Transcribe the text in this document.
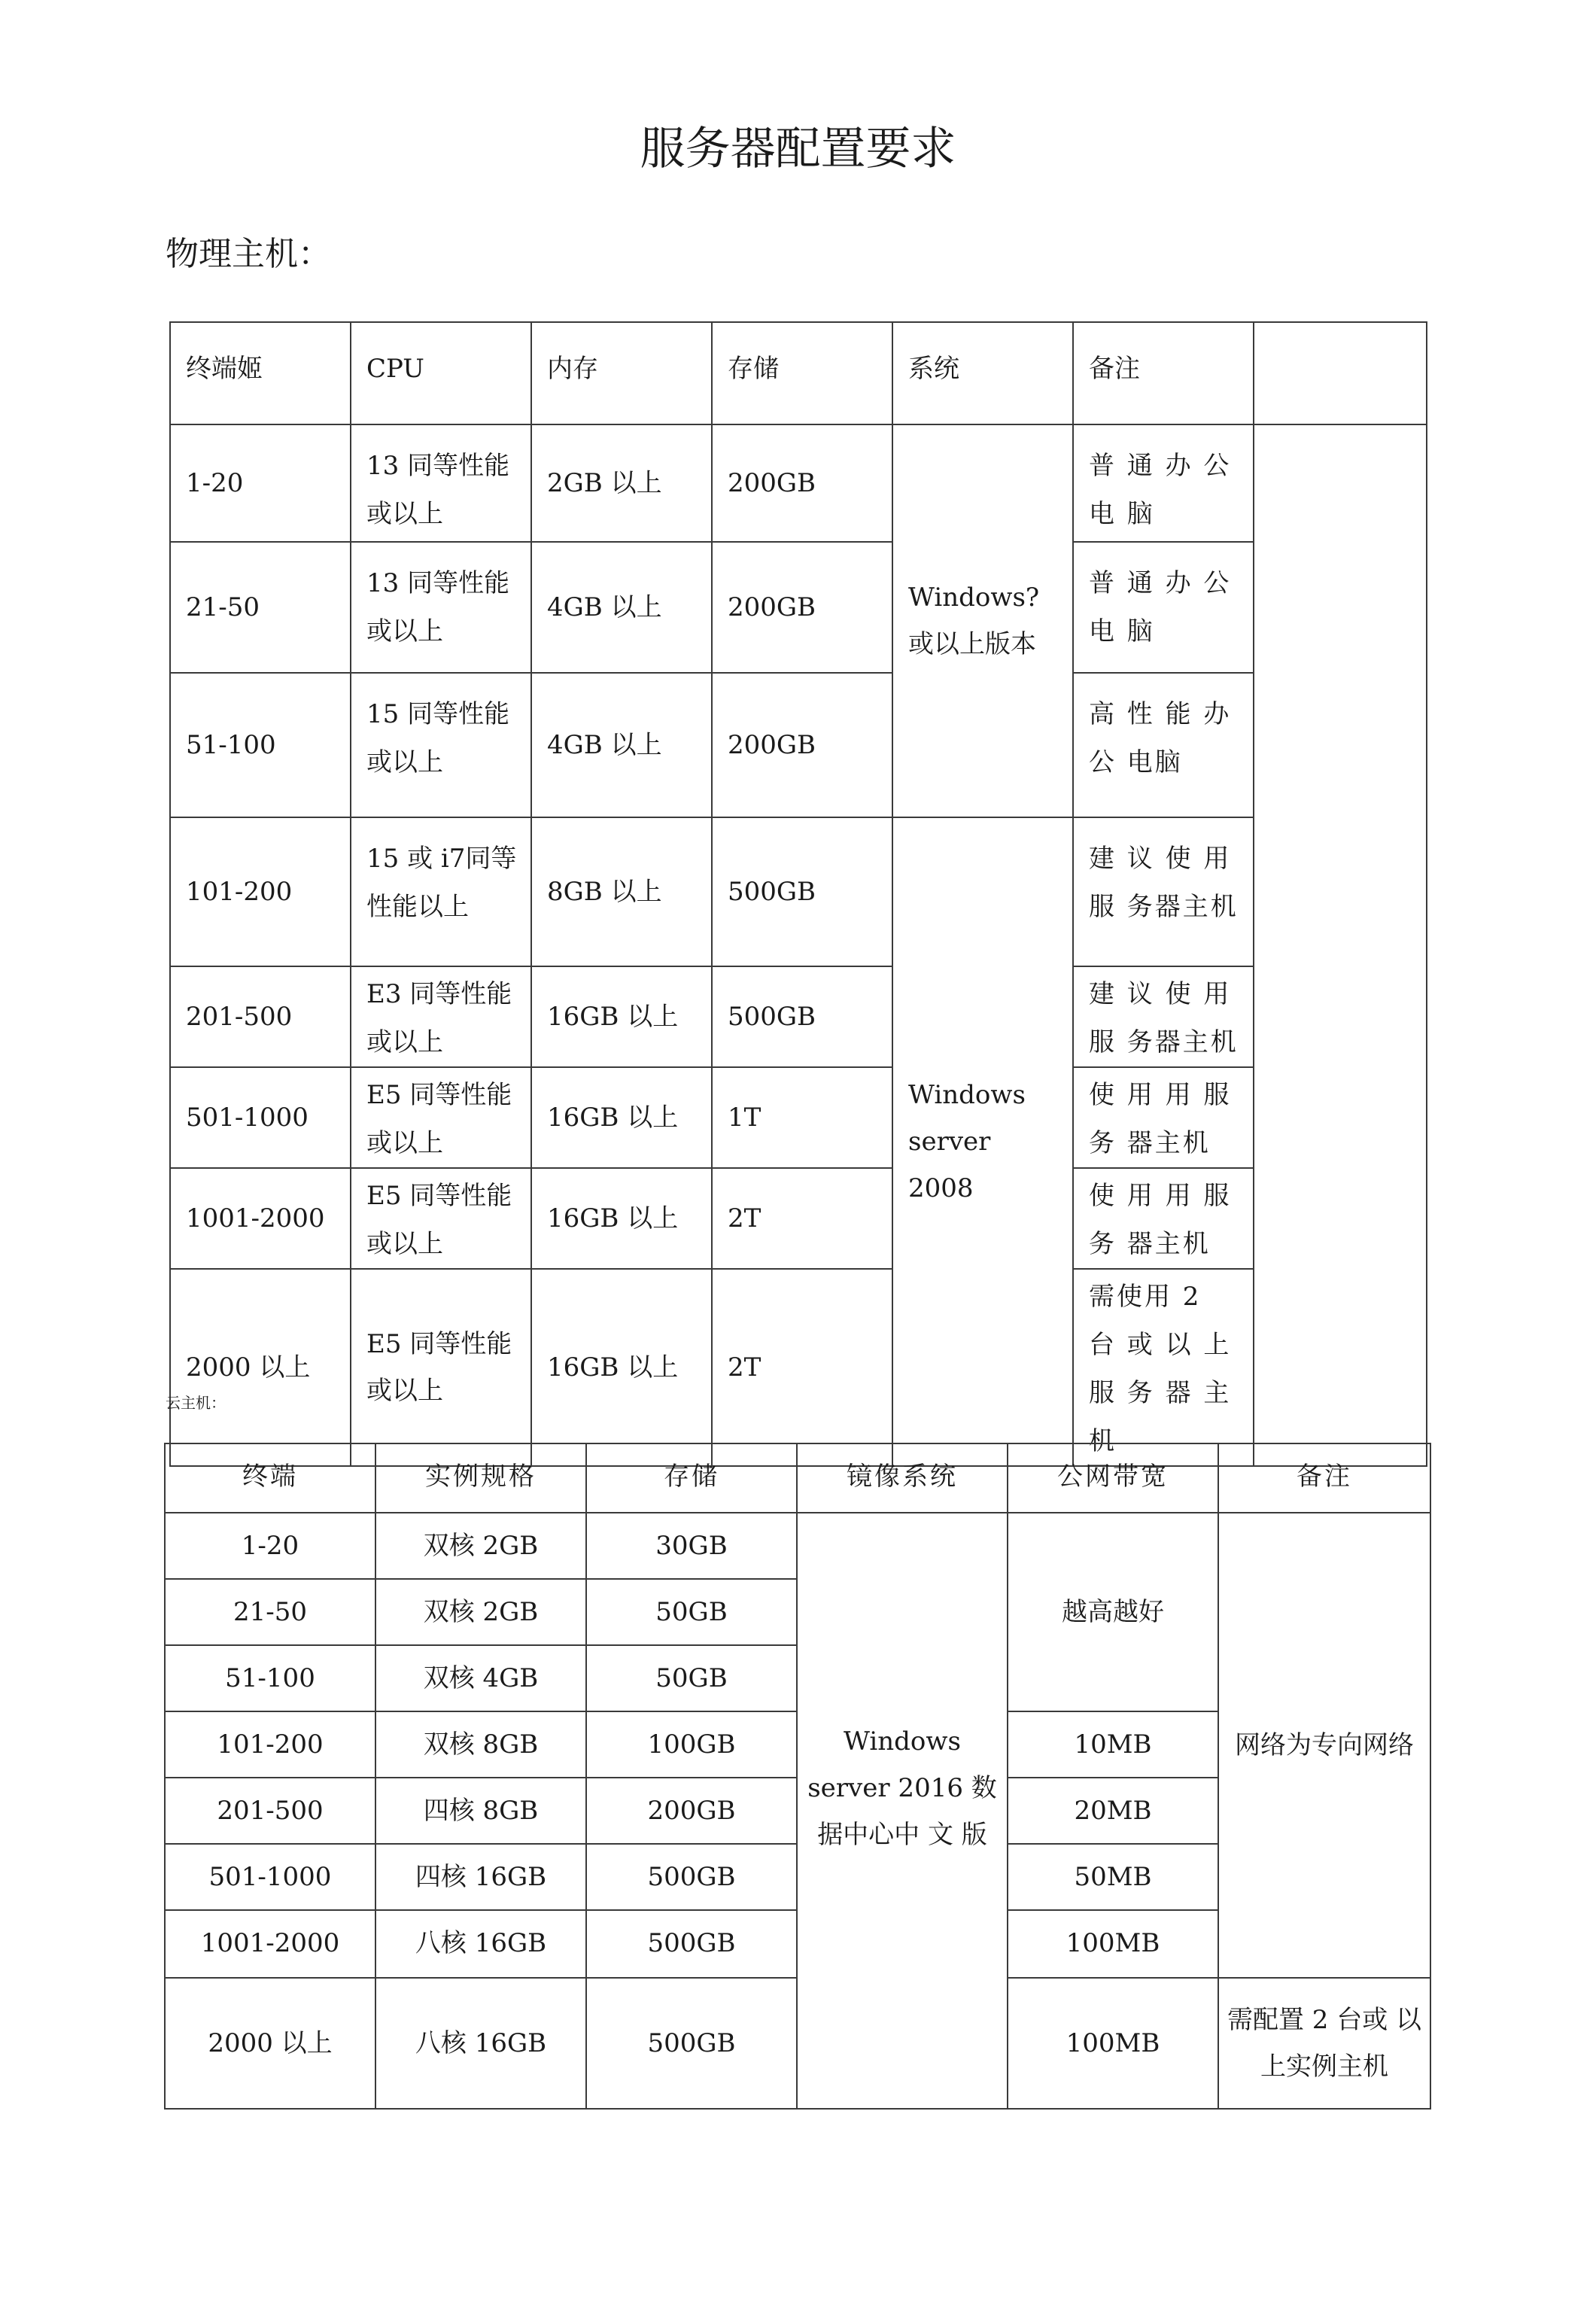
服务器配置要求
物理主机：
终端姬	CPU	内存	存储	系统	备注	
1-20	13 同等性能或以上	2GB 以上	200GB	Windows? 或以上版本	普 通 办 公 电 脑	
21-50	13 同等性能或以上	4GB 以上	200GB		普 通 办 公 电 脑	
51-100	15 同等性能或以上	4GB 以上	200GB		高 性 能 办 公 电脑	
101-200	15 或 i7同等性能以上	8GB 以上	500GB	Windows server 2008	建 议 使 用 服 务器主机	
201-500	E3 同等性能或以上	16GB 以上	500GB		建 议 使 用 服 务器主机	
501-1000	E5 同等性能或以上	16GB 以上	1T		使 用 用 服 务 器主机	
1001-2000	E5 同等性能或以上	16GB 以上	2T		使 用 用 服 务 器主机	
2000 以上	E5 同等性能或以上	16GB 以上	2T		需使用 2 台 或 以 上 服 务 器 主 机	
云主机：
终端	实例规格	存储	镜像系统	公网带宽	备注
1-20	双核 2GB	30GB	Windows server 2016 数据中心中 文 版	越高越好	网络为专向网络
21-50	双核 2GB	50GB			
51-100	双核 4GB	50GB			
101-200	双核 8GB	100GB		10MB	
201-500	四核 8GB	200GB		20MB	
501-1000	四核 16GB	500GB		50MB	
1001-2000	八核 16GB	500GB		100MB	
2000 以上	八核 16GB	500GB		100MB	需配置 2 台或 以上实例主机
